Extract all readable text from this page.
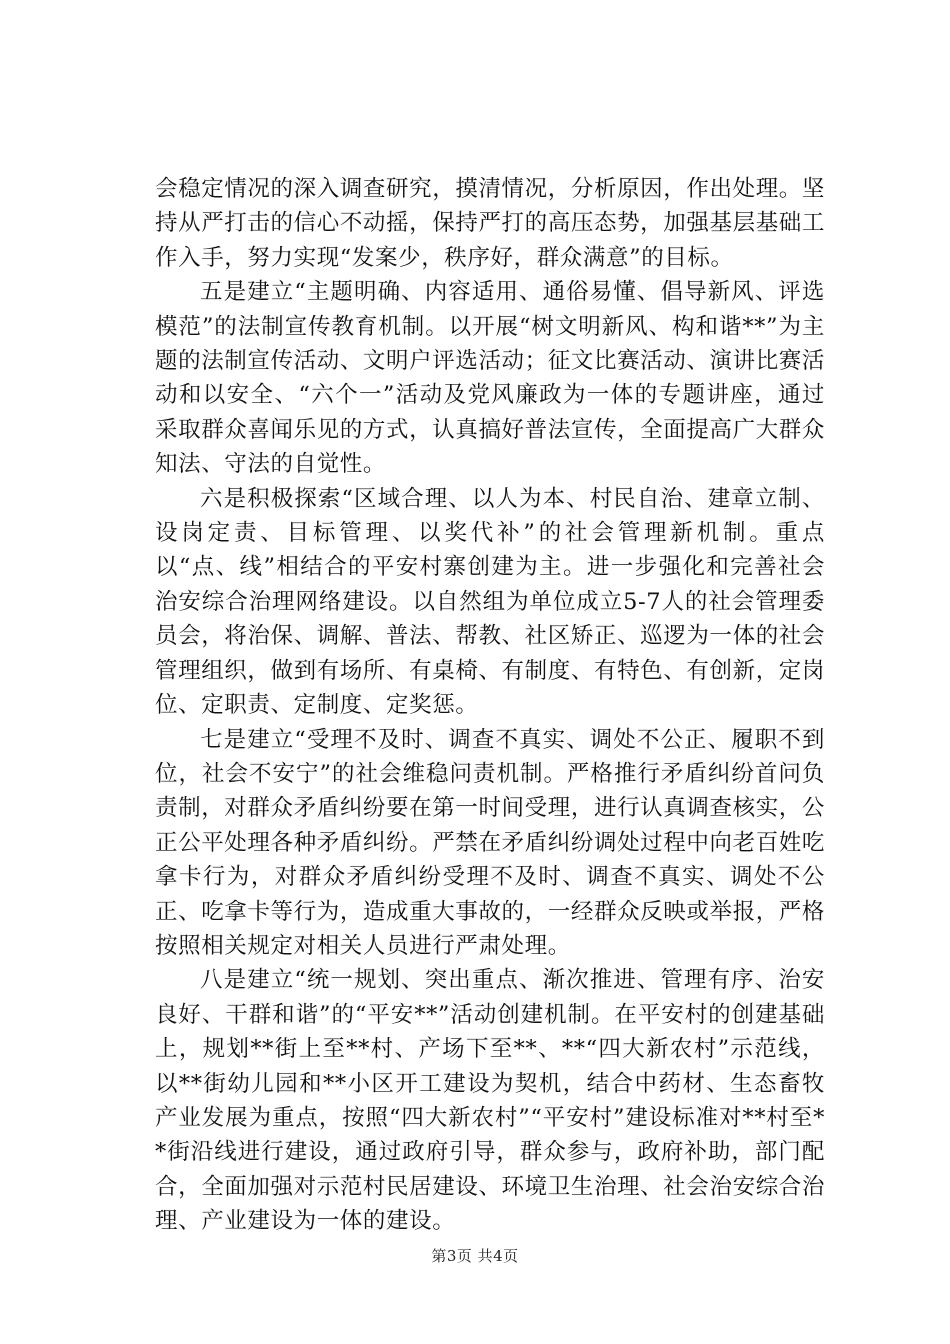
会稳定情况的深入调查研究，摸清情况，分析原因，作出处理。坚持从严打击的信心不动摇，保持严打的高压态势，加强基层基础工作入手，努力实现“发案少，秩序好，群众满意”的目标。

五是建立“主题明确、内容适用、通俗易懂、倡导新风、评选模范”的法制宣传教育机制。以开展“树文明新风、构和谐**”为主题的法制宣传活动、文明户评选活动；征文比赛活动、演讲比赛活动和以安全、“六个一”活动及党风廉政为一体的专题讲座，通过采取群众喜闻乐见的方式，认真搞好普法宣传，全面提高广大群众知法、守法的自觉性。

六是积极探索“区域合理、以人为本、村民自治、建章立制、设岗定责、目标管理、以奖代补”的社会管理新机制。重点以“点、线”相结合的平安村寨创建为主。进一步强化和完善社会治安综合治理网络建设。以自然组为单位成立5-7人的社会管理委员会，将治保、调解、普法、帮教、社区矫正、巡逻为一体的社会管理组织，做到有场所、有桌椅、有制度、有特色、有创新，定岗位、定职责、定制度、定奖惩。

七是建立“受理不及时、调查不真实、调处不公正、履职不到位，社会不安宁”的社会维稳问责机制。严格推行矛盾纠纷首问负责制，对群众矛盾纠纷要在第一时间受理，进行认真调查核实，公正公平处理各种矛盾纠纷。严禁在矛盾纠纷调处过程中向老百姓吃拿卡行为，对群众矛盾纠纷受理不及时、调查不真实、调处不公正、吃拿卡等行为，造成重大事故的，一经群众反映或举报，严格按照相关规定对相关人员进行严肃处理。

八是建立“统一规划、突出重点、渐次推进、管理有序、治安良好、干群和谐”的“平安**”活动创建机制。在平安村的创建基础上，规划**街上至**村、产场下至**、**“四大新农村”示范线，以**街幼儿园和**小区开工建设为契机，结合中药材、生态畜牧产业发展为重点，按照“四大新农村”“平安村”建设标准对**村至**街沿线进行建设，通过政府引导，群众参与，政府补助，部门配合，全面加强对示范村民居建设、环境卫生治理、社会治安综合治理、产业建设为一体的建设。

第3页 共4页
